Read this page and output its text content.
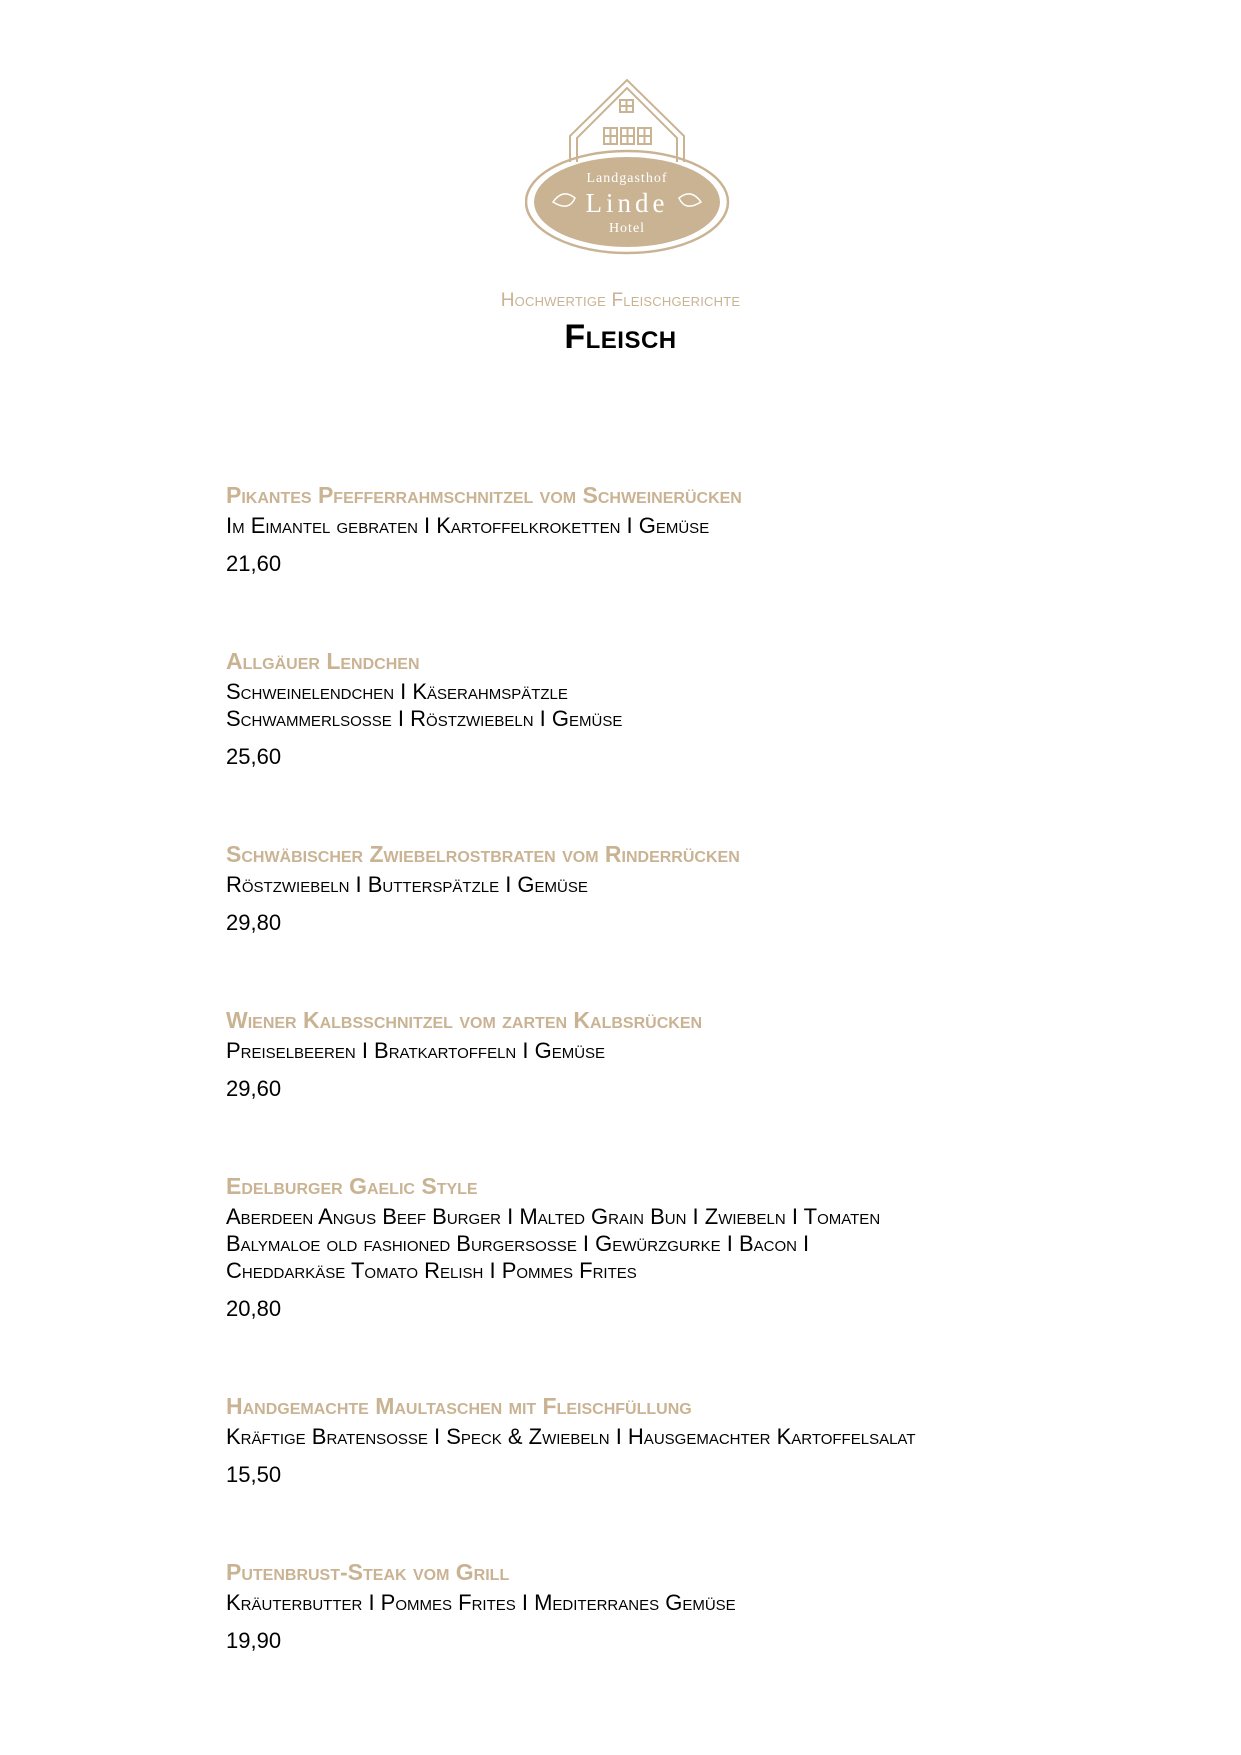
Landgasthof
Linde
Hotel
Hochwertige Fleischgerichte
Fleisch
Pikantes Pfefferrahmschnitzel vom Schweinerücken
Im Eimantel gebraten I Kartoffelkroketten I Gemüse
21,60
Allgäuer Lendchen
Schweinelendchen I Käserahmspätzle
Schwammerlsoße I Röstzwiebeln I Gemüse
25,60
Schwäbischer Zwiebelrostbraten vom Rinderrücken
Röstzwiebeln I Butterspätzle I Gemüse
29,80
Wiener Kalbsschnitzel vom zarten Kalbsrücken
Preiselbeeren I Bratkartoffeln I Gemüse
29,60
Edelburger Gaelic Style
Aberdeen Angus Beef Burger I Malted Grain Bun I Zwiebeln I Tomaten
Balymaloe old fashioned Burgersoße I Gewürzgurke I Bacon I
Cheddarkäse Tomato Relish I Pommes Frites
20,80
Handgemachte Maultaschen mit Fleischfüllung
Kräftige Bratensoße I Speck & Zwiebeln I Hausgemachter Kartoffelsalat
15,50
Putenbrust-Steak vom Grill
Kräuterbutter I Pommes Frites I Mediterranes Gemüse
19,90
